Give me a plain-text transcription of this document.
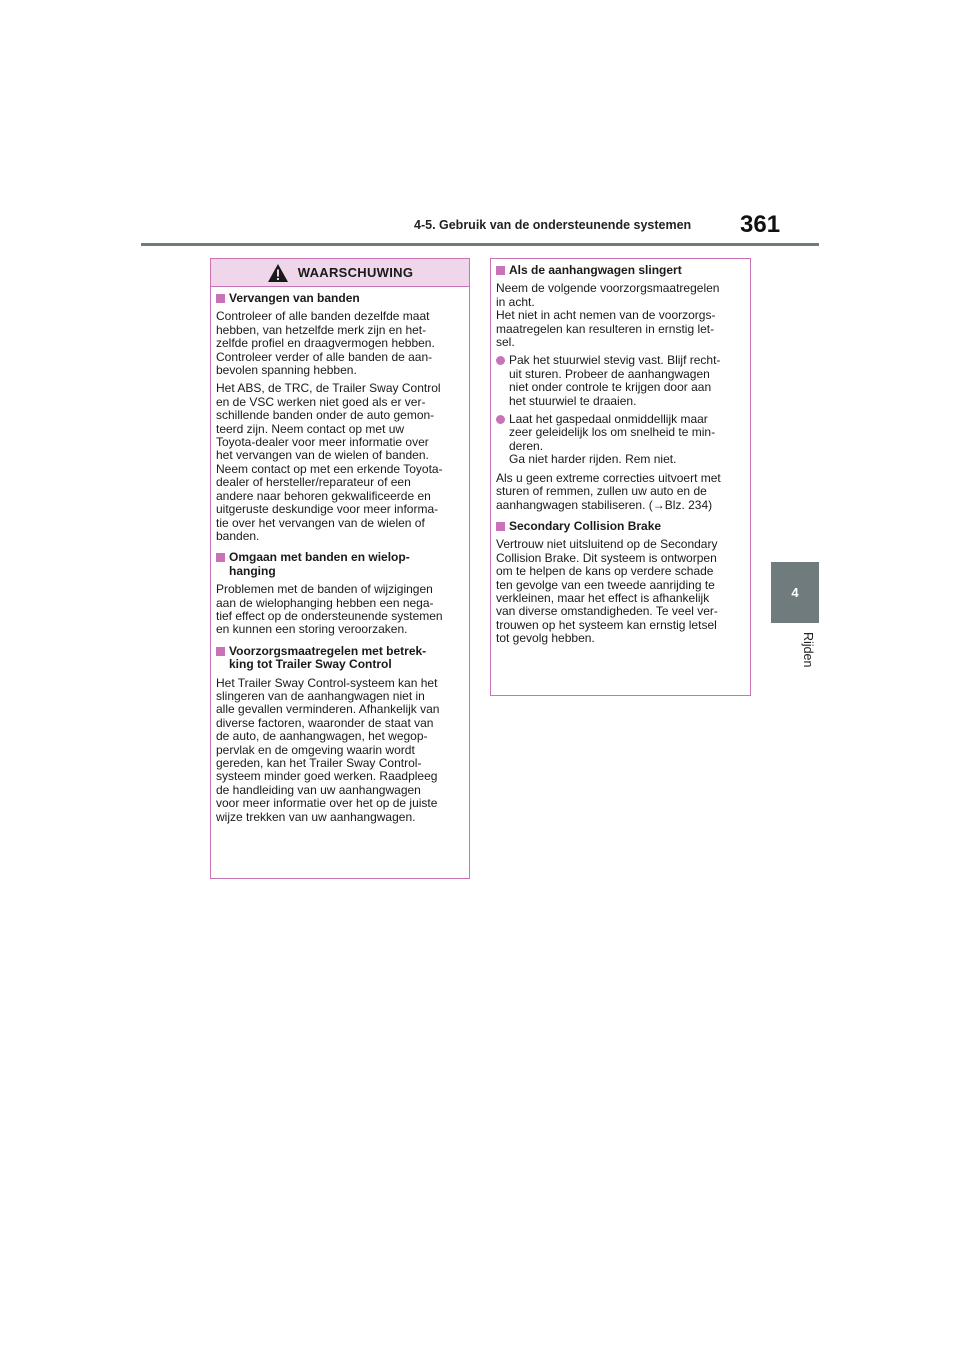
4-5. Gebruik van de ondersteunende systemen	361
4
Rijden
WAARSCHUWING
Vervangen van banden

Controleer of alle banden dezelfde maat
hebben, van hetzelfde merk zijn en het-
zelfde profiel en draagvermogen hebben.
Controleer verder of alle banden de aan-
bevolen spanning hebben.

Het ABS, de TRC, de Trailer Sway Control
en de VSC werken niet goed als er ver-
schillende banden onder de auto gemon-
teerd zijn. Neem contact op met uw
Toyota-dealer voor meer informatie over
het vervangen van de wielen of banden.
Neem contact op met een erkende Toyota-
dealer of hersteller/reparateur of een
andere naar behoren gekwalificeerde en
uitgeruste deskundige voor meer informa-
tie over het vervangen van de wielen of
banden.

Omgaan met banden en wielop-
hanging

Problemen met de banden of wijzigingen
aan de wielophanging hebben een nega-
tief effect op de ondersteunende systemen
en kunnen een storing veroorzaken.

Voorzorgsmaatregelen met betrek-
king tot Trailer Sway Control

Het Trailer Sway Control-systeem kan het
slingeren van de aanhangwagen niet in
alle gevallen verminderen. Afhankelijk van
diverse factoren, waaronder de staat van
de auto, de aanhangwagen, het wegop-
pervlak en de omgeving waarin wordt
gereden, kan het Trailer Sway Control-
systeem minder goed werken. Raadpleeg
de handleiding van uw aanhangwagen
voor meer informatie over het op de juiste
wijze trekken van uw aanhangwagen.

Als de aanhangwagen slingert

Neem de volgende voorzorgsmaatregelen
in acht.
Het niet in acht nemen van de voorzorgs-
maatregelen kan resulteren in ernstig let-
sel.

Pak het stuurwiel stevig vast. Blijf recht-
uit sturen. Probeer de aanhangwagen
niet onder controle te krijgen door aan
het stuurwiel te draaien.
Laat het gaspedaal onmiddellijk maar
zeer geleidelijk los om snelheid te min-
deren.
Ga niet harder rijden. Rem niet.

Als u geen extreme correcties uitvoert met
sturen of remmen, zullen uw auto en de
aanhangwagen stabiliseren. (→Blz. 234)

Secondary Collision Brake

Vertrouw niet uitsluitend op de Secondary
Collision Brake. Dit systeem is ontworpen
om te helpen de kans op verdere schade
ten gevolge van een tweede aanrijding te
verkleinen, maar het effect is afhankelijk
van diverse omstandigheden. Te veel ver-
trouwen op het systeem kan ernstig letsel
tot gevolg hebben.
